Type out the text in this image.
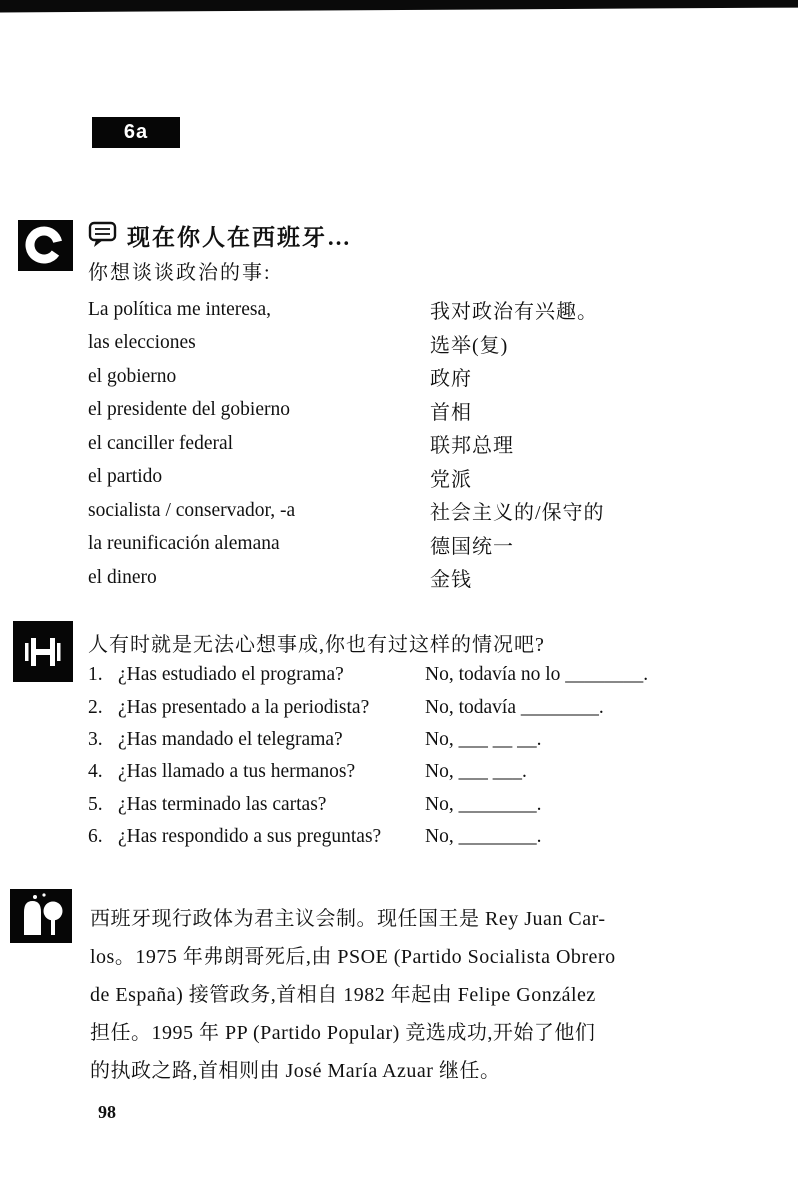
6a
现在你人在西班牙…
你想谈谈政治的事:
La política me interesa,	我对政治有兴趣。
las elecciones	选举(复)
el gobierno	政府
el presidente del gobierno	首相
el canciller federal	联邦总理
el partido	党派
socialista / conservador, -a	社会主义的/保守的
la reunificación alemana	德国统一
el dinero	金钱
人有时就是无法心想事成,你也有过这样的情况吧?
1. ¿Has estudiado el programa?	No, todavía no lo ________.
2. ¿Has presentado a la periodista?	No, todavía ________.
3. ¿Has mandado el telegrama?	No, ___ __ __.
4. ¿Has llamado a tus hermanos?	No, ___ ___.
5. ¿Has terminado las cartas?	No, ________.
6. ¿Has respondido a sus preguntas?	No, ________.
西班牙现行政体为君主议会制。现任国王是 Rey Juan Car-
los。1975 年弗朗哥死后,由 PSOE (Partido Socialista Obrero
de España) 接管政务,首相自 1982 年起由 Felipe González
担任。1995 年 PP (Partido Popular) 竞选成功,开始了他们
的执政之路,首相则由 José María Azuar 继任。
98
